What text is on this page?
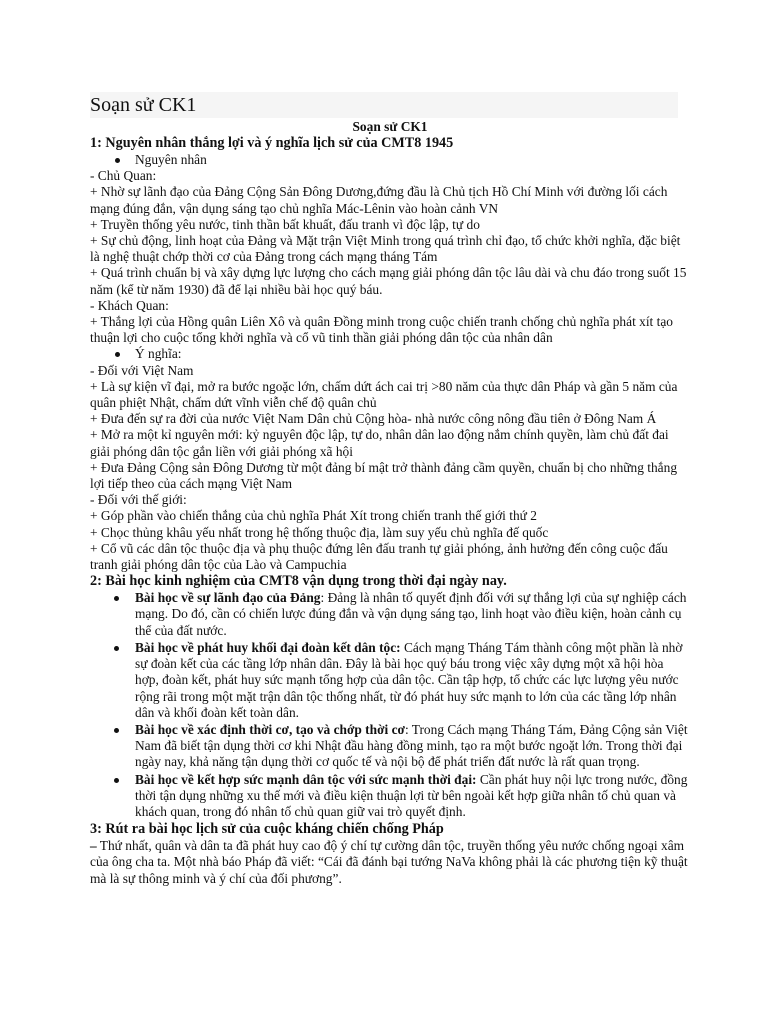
Soạn sử CK1
Soạn sử CK1
1: Nguyên nhân thắng lợi và ý nghĩa lịch sử của CMT8 1945
Nguyên nhân

- Chủ Quan:

+ Nhờ sự lãnh đạo của Đảng Cộng Sản Đông Dương,đứng đầu là Chủ tịch Hồ Chí Minh với đường lối cách mạng đúng đắn, vận dụng sáng tạo chủ nghĩa Mác-Lênin vào hoàn cảnh VN

+ Truyền thống yêu nước, tinh thần bất khuất, đấu tranh vì độc lập, tự do

+ Sự chủ động, linh hoạt của Đảng và Mặt trận Việt Minh trong quá trình chỉ đạo, tổ chức khởi nghĩa, đặc biệt là nghệ thuật chớp thời cơ của Đảng trong cách mạng tháng Tám

+ Quá trình chuẩn bị và xây dựng lực lượng cho cách mạng giải phóng dân tộc lâu dài và chu đáo trong suốt 15 năm (kể từ năm 1930) đã để lại nhiều bài học quý báu.

- Khách Quan:

+ Thắng lợi của Hồng quân Liên Xô và quân Đồng minh trong cuộc chiến tranh chống chủ nghĩa phát xít tạo thuận lợi cho cuộc tổng khởi nghĩa và cổ vũ tinh thần giải phóng dân tộc của nhân dân

Ý nghĩa:

- Đối với Việt Nam

+ Là sự kiện vĩ đại, mở ra bước ngoặc lớn, chấm dứt ách cai trị >80 năm của thực dân Pháp và gần 5 năm của quân phiệt Nhật, chấm dứt vĩnh viễn chế độ quân chủ

+ Đưa đến sự ra đời của nước Việt Nam Dân chủ Cộng hòa- nhà nước công nông đầu tiên ở Đông Nam Á

+ Mở ra một kỉ nguyên mới: kỷ nguyên độc lập, tự do, nhân dân lao động nắm chính quyền, làm chủ đất đai giải phóng dân tộc gắn liền với giải phóng xã hội

+ Đưa Đảng Cộng sản Đông Dương từ một đảng bí mật trở thành đảng cầm quyền, chuẩn bị cho những thắng lợi tiếp theo của cách mạng Việt Nam

- Đối với thế giới:

+ Góp phần vào chiến thắng của chủ nghĩa Phát Xít trong chiến tranh thế giới thứ 2

+ Chọc thủng khâu yếu nhất trong hệ thống thuộc địa, làm suy yếu chủ nghĩa đế quốc

+ Cổ vũ các dân tộc thuộc địa và phụ thuộc đứng lên đấu tranh tự giải phóng, ảnh hưởng đến công cuộc đấu tranh giải phóng dân tộc của Lào và Campuchia

2: Bài học kinh nghiệm của CMT8 vận dụng trong thời đại ngày nay.
Bài học về sự lãnh đạo của Đảng: Đảng là nhân tố quyết định đối với sự thắng lợi của sự nghiệp cách mạng. Do đó, cần có chiến lược đúng đắn và vận dụng sáng tạo, linh hoạt vào điều kiện, hoàn cảnh cụ thể của đất nước.
Bài học về phát huy khối đại đoàn kết dân tộc: Cách mạng Tháng Tám thành công một phần là nhờ sự đoàn kết của các tầng lớp nhân dân. Đây là bài học quý báu trong việc xây dựng một xã hội hòa hợp, đoàn kết, phát huy sức mạnh tổng hợp của dân tộc. Cần tập hợp, tổ chức các lực lượng yêu nước rộng rãi trong một mặt trận dân tộc thống nhất, từ đó phát huy sức mạnh to lớn của các tầng lớp nhân dân và khối đoàn kết toàn dân.
Bài học về xác định thời cơ, tạo và chớp thời cơ: Trong Cách mạng Tháng Tám, Đảng Cộng sản Việt Nam đã biết tận dụng thời cơ khi Nhật đầu hàng đồng minh, tạo ra một bước ngoặt lớn. Trong thời đại ngày nay, khả năng tận dụng thời cơ quốc tế và nội bộ để phát triển đất nước là rất quan trọng.
Bài học về kết hợp sức mạnh dân tộc với sức mạnh thời đại: Cần phát huy nội lực trong nước, đồng thời tận dụng những xu thế mới và điều kiện thuận lợi từ bên ngoài kết hợp giữa nhân tố chủ quan và khách quan, trong đó nhân tố chủ quan giữ vai trò quyết định.
3: Rút ra bài học lịch sử của cuộc kháng chiến chống Pháp

– Thứ nhất, quân và dân ta đã phát huy cao độ ý chí tự cường dân tộc, truyền thống yêu nước chống ngoại xâm của ông cha ta. Một nhà báo Pháp đã viết: “Cái đã đánh bại tướng NaVa không phải là các phương tiện kỹ thuật mà là sự thông minh và ý chí của đối phương”.
